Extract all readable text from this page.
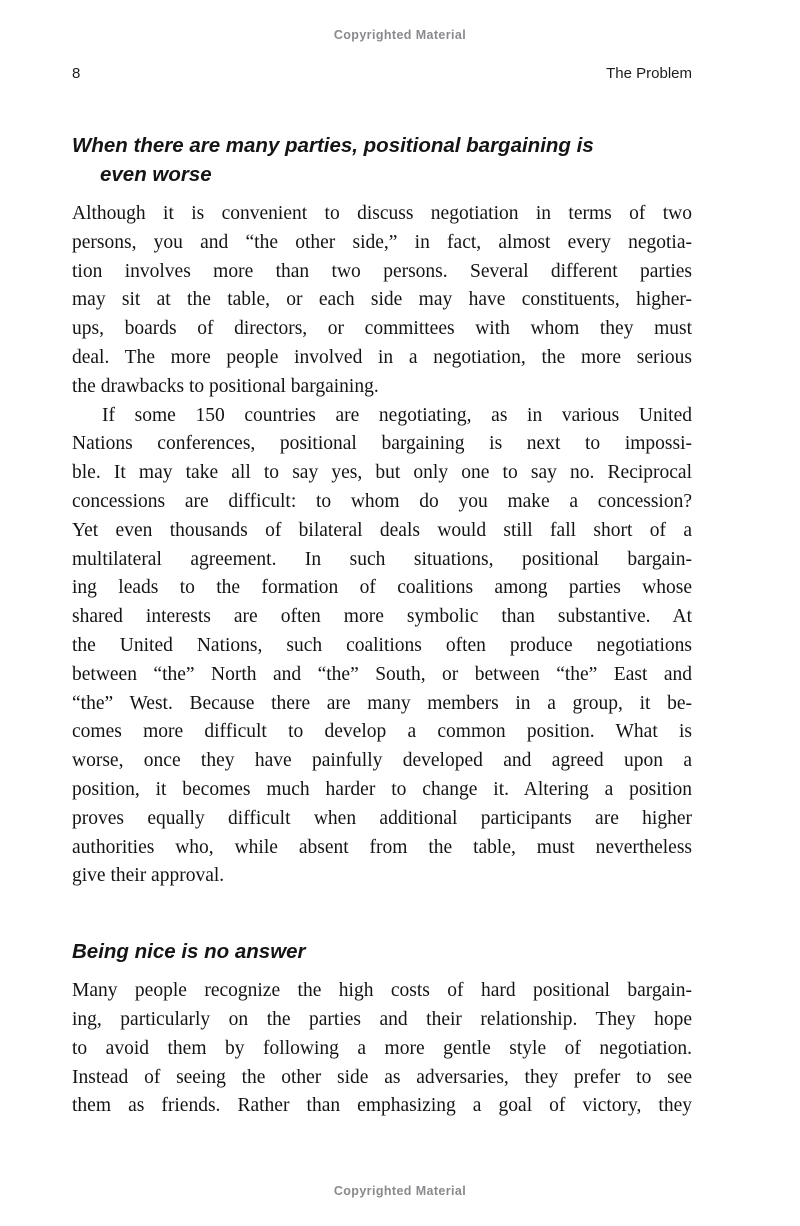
Copyrighted Material
8	The Problem
When there are many parties, positional bargaining is
even worse
Although it is convenient to discuss negotiation in terms of two
persons, you and “the other side,” in fact, almost every negotia-
tion involves more than two persons. Several different parties
may sit at the table, or each side may have constituents, higher-
ups, boards of directors, or committees with whom they must
deal. The more people involved in a negotiation, the more serious
the drawbacks to positional bargaining.
If some 150 countries are negotiating, as in various United
Nations conferences, positional bargaining is next to impossi-
ble. It may take all to say yes, but only one to say no. Reciprocal
concessions are difficult: to whom do you make a concession?
Yet even thousands of bilateral deals would still fall short of a
multilateral agreement. In such situations, positional bargain-
ing leads to the formation of coalitions among parties whose
shared interests are often more symbolic than substantive. At
the United Nations, such coalitions often produce negotiations
between “the” North and “the” South, or between “the” East and
“the” West. Because there are many members in a group, it be-
comes more difficult to develop a common position. What is
worse, once they have painfully developed and agreed upon a
position, it becomes much harder to change it. Altering a position
proves equally difficult when additional participants are higher
authorities who, while absent from the table, must nevertheless
give their approval.
Being nice is no answer
Many people recognize the high costs of hard positional bargain-
ing, particularly on the parties and their relationship. They hope
to avoid them by following a more gentle style of negotiation.
Instead of seeing the other side as adversaries, they prefer to see
them as friends. Rather than emphasizing a goal of victory, they
Copyrighted Material
